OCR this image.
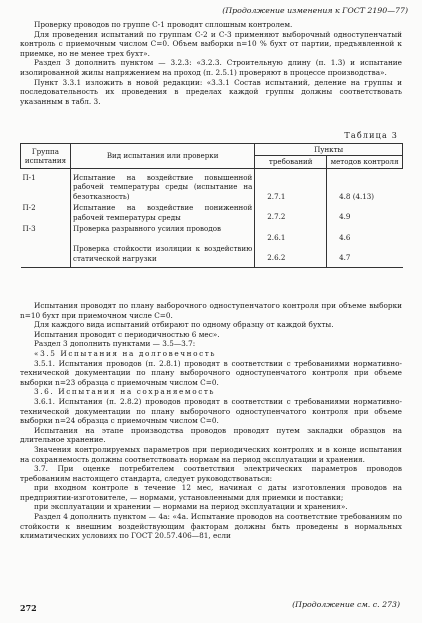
(Продолжение изменения к ГОСТ 2190—77)

Проверку проводов по группе С-1 проводят сплошным контролем.

Для проведения испытаний по группам С-2 и С-3 применяют выборочный одноступенчатый контроль с приемочным числом С=0. Объем выборки n=10 % бухт от партии, предъявленной к приемке, но не менее трех бухт».

Раздел 3 дополнить пунктом — 3.2.3: «3.2.3. Строительную длину (п. 1.3) и испытание изолированной жилы напряжением на проход (п. 2.5.1) проверяют в процессе производства».

Пункт 3.3.1 изложить в новой редакции: «3.3.1 Состав испытаний, деление на группы и последовательность их проведения в пределах каждой группы должны соответствовать указанным в табл. 3.

Таблица 3
Группа испытания	Вид испытания или проверки	Пункты	
		требований	методов контроля
П-1	Испытание на воздействие повышенной рабочей температуры среды (испытание на безотказность)	2.7.1	4.8 (4.13)
П-2	Испытание на воздействие пониженной рабочей температуры среды	2.7.2	4.9
П-3	Проверка разрывного усилия проводов	2.6.1	4.6
	Проверка стойкости изоляции к воздействию статической нагрузки	2.6.2	4.7

Испытания проводят по плану выборочного одноступенчатого контроля при объеме выборки n=10 бухт при приемочном числе С=0.

Для каждого вида испытаний отбирают по одному образцу от каждой бухты.

Испытания проводят с периодичностью 6 мес».

Раздел 3 дополнить пунктами — 3.5—3.7:

«3.5 Испытания на долговечность

3.5.1. Испытания проводов (п. 2.8.1) проводят в соответствии с требованиями нормативно-технической документации по плану выборочного одноступенчатого контроля при объеме выборки n=23 образца с приемочным числом С=0.

3.6. Испытания на сохраняемость

3.6.1. Испытания (п. 2.8.2) проводов проводят в соответствии с требованиями нормативно-технической документации по плану выборочного одноступенчатого контроля при объеме выборки n=24 образца с приемочным числом С=0.

Испытания на этапе производства проводов проводят путем закладки образцов на длительное хранение.

Значения контролируемых параметров при периодических контролях и в конце испытания на сохраняемость должны соответствовать нормам на период эксплуатации и хранения.

3.7. При оценке потребителем соответствия электрических параметров проводов требованиям настоящего стандарта, следует руководствоваться:

при входном контроле в течение 12 мес, начиная с даты изготовления проводов на предприятии-изготовителе, — нормами, установленными для приемки и поставки;

при эксплуатации и хранении — нормами на период эксплуатации и хранения».

Раздел 4 дополнить пунктом — 4а: «4а. Испытание проводов на соответствие требованиям по стойкости к внешним воздействующим факторам должны быть проведены в нормальных климатических условиях по ГОСТ 20.57.406—81, если

272	(Продолжение см. с. 273)
